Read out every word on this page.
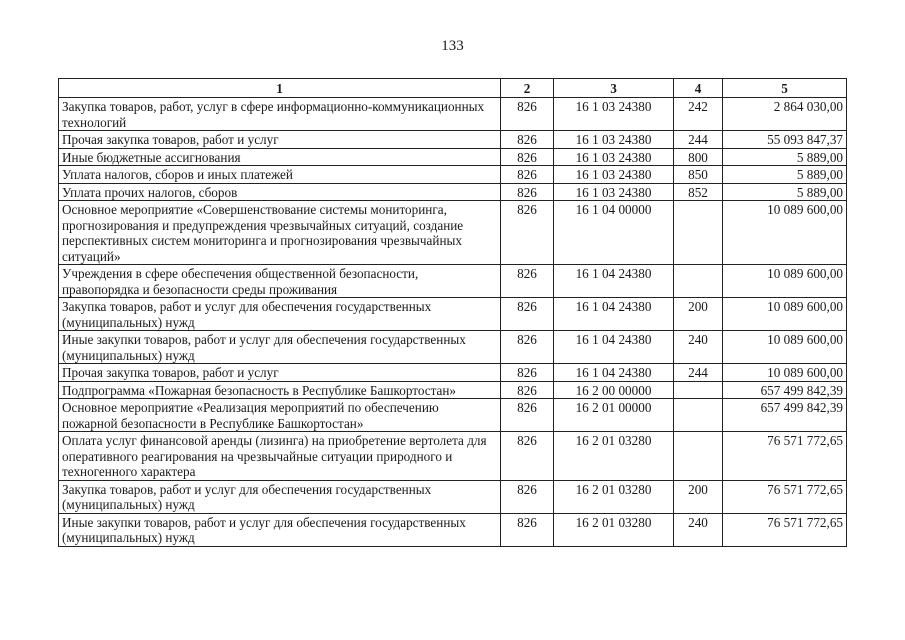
133
1	2	3	4	5
Закупка товаров, работ, услуг в сфере информационно-коммуникационных технологий	826	16 1 03 24380	242	2 864 030,00
Прочая закупка товаров, работ и услуг	826	16 1 03 24380	244	55 093 847,37
Иные бюджетные ассигнования	826	16 1 03 24380	800	5 889,00
Уплата налогов, сборов и иных платежей	826	16 1 03 24380	850	5 889,00
Уплата прочих налогов, сборов	826	16 1 03 24380	852	5 889,00
Основное мероприятие «Совершенствование системы мониторинга, прогнозирования и предупреждения чрезвычайных ситуаций, создание перспективных систем мониторинга и прогнозирования чрезвычайных ситуаций»	826	16 1 04 00000		10 089 600,00
Учреждения в сфере обеспечения общественной безопасности, правопорядка и безопасности среды проживания	826	16 1 04 24380		10 089 600,00
Закупка товаров, работ и услуг для обеспечения государственных (муниципальных) нужд	826	16 1 04 24380	200	10 089 600,00
Иные закупки товаров, работ и услуг для обеспечения государственных (муниципальных) нужд	826	16 1 04 24380	240	10 089 600,00
Прочая закупка товаров, работ и услуг	826	16 1 04 24380	244	10 089 600,00
Подпрограмма «Пожарная безопасность в Республике Башкортостан»	826	16 2 00 00000		657 499 842,39
Основное мероприятие «Реализация мероприятий по обеспечению пожарной безопасности в Республике Башкортостан»	826	16 2 01 00000		657 499 842,39
Оплата услуг финансовой аренды (лизинга) на приобретение вертолета для оперативного реагирования на чрезвычайные ситуации природного и техногенного характера	826	16 2 01 03280		76 571 772,65
Закупка товаров, работ и услуг для обеспечения государственных (муниципальных) нужд	826	16 2 01 03280	200	76 571 772,65
Иные закупки товаров, работ и услуг для обеспечения государственных (муниципальных) нужд	826	16 2 01 03280	240	76 571 772,65
